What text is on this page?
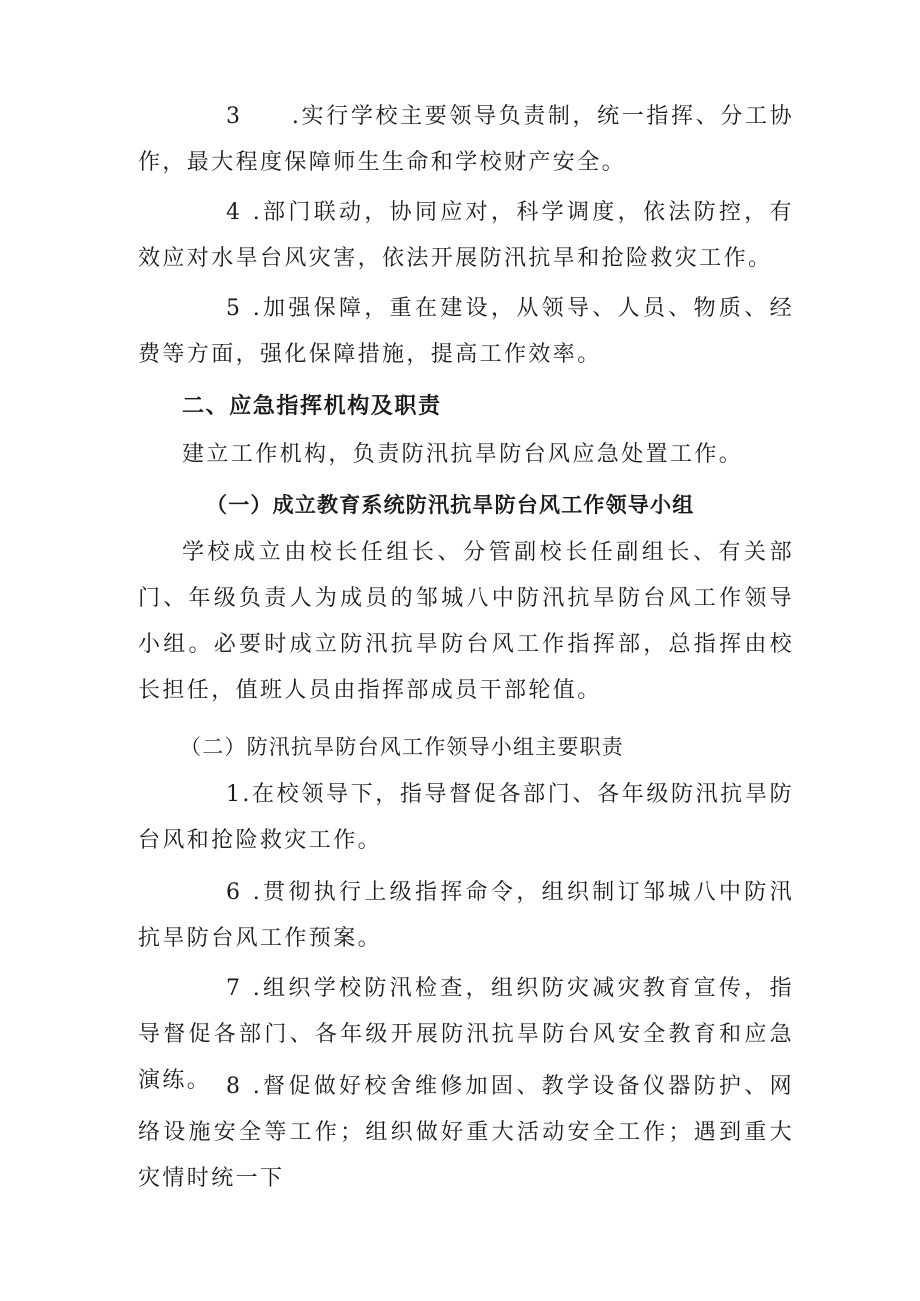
3　　.实行学校主要领导负责制，统一指挥、分工协作，最大程度保障师生生命和学校财产安全。

4 .部门联动，协同应对，科学调度，依法防控，有效应对水旱台风灾害，依法开展防汛抗旱和抢险救灾工作。

5 .加强保障，重在建设，从领导、人员、物质、经费等方面，强化保障措施，提高工作效率。

二、应急指挥机构及职责

建立工作机构，负责防汛抗旱防台风应急处置工作。

（一）成立教育系统防汛抗旱防台风工作领导小组

学校成立由校长任组长、分管副校长任副组长、有关部门、年级负责人为成员的邹城八中防汛抗旱防台风工作领导小组。必要时成立防汛抗旱防台风工作指挥部，总指挥由校长担任，值班人员由指挥部成员干部轮值。

（二）防汛抗旱防台风工作领导小组主要职责

1.在校领导下，指导督促各部门、各年级防汛抗旱防台风和抢险救灾工作。

6 .贯彻执行上级指挥命令，组织制订邹城八中防汛抗旱防台风工作预案。

7 .组织学校防汛检查，组织防灾减灾教育宣传，指导督促各部门、各年级开展防汛抗旱防台风安全教育和应急演练。 8 .督促做好校舍维修加固、教学设备仪器防护、网络设施安全等工作；组织做好重大活动安全工作；遇到重大灾情时统一下
